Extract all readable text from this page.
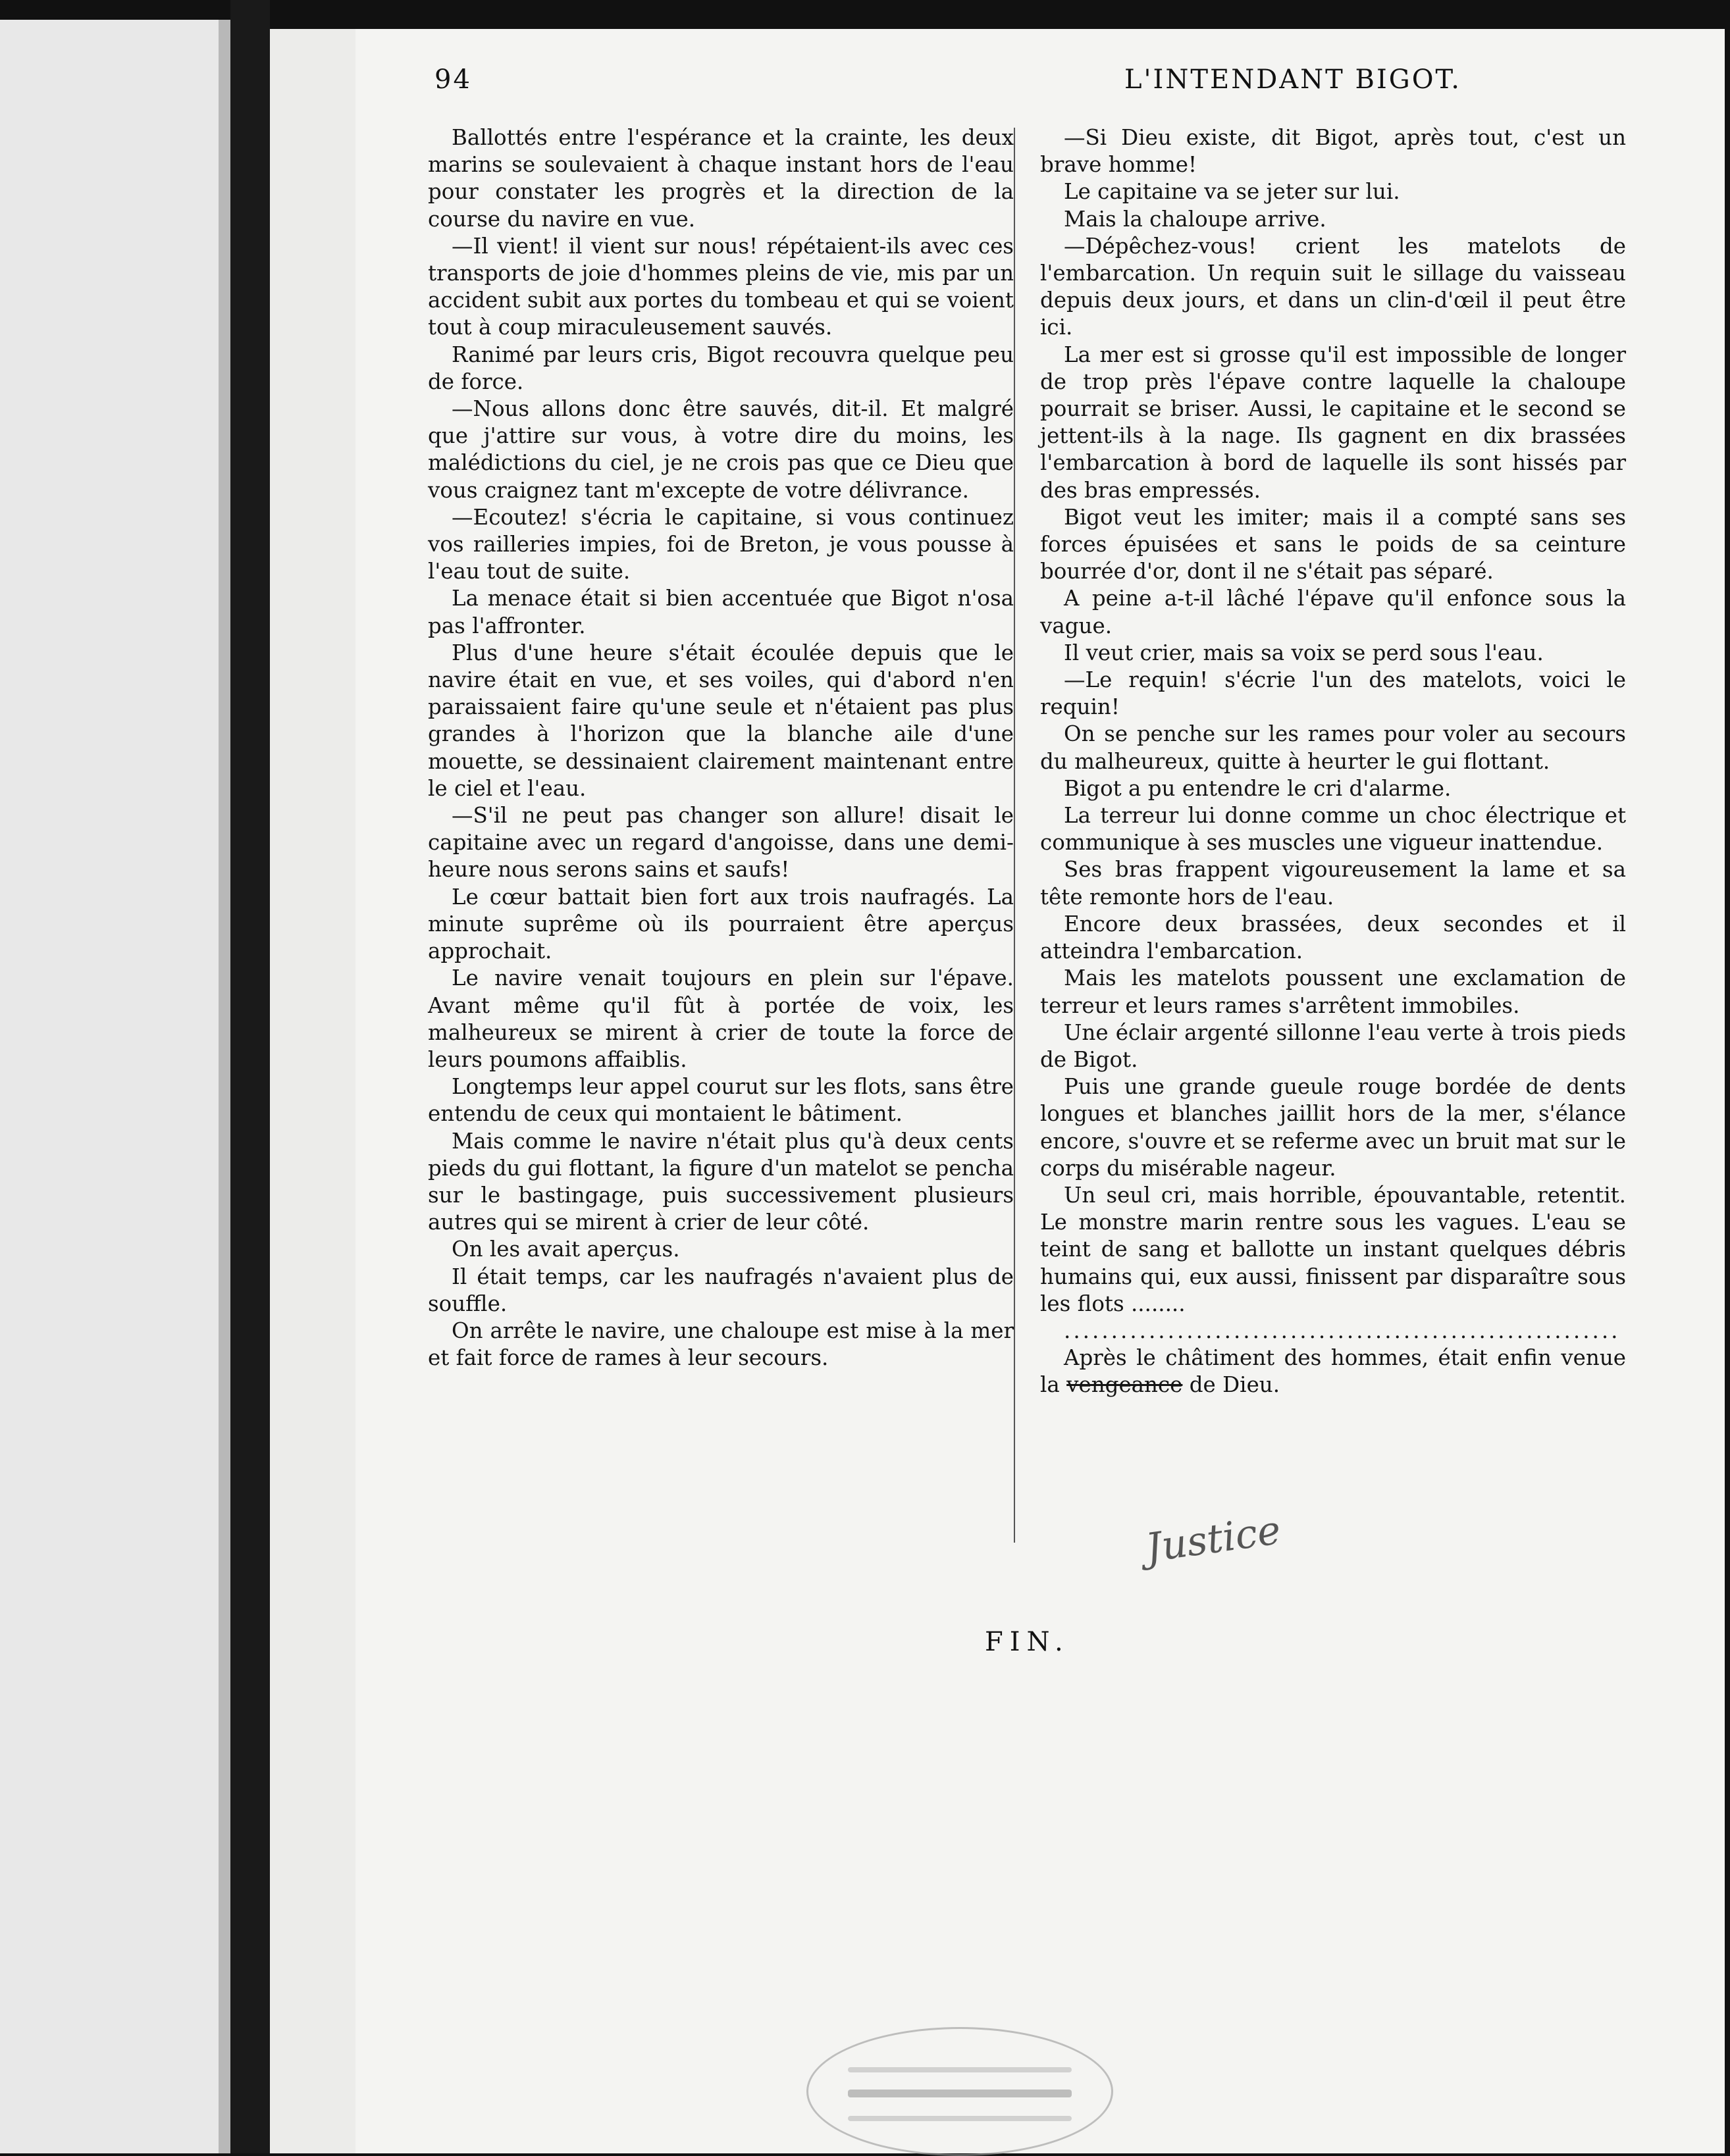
94	L'INTENDANT BIGOT.

Ballottés entre l'espérance et la crainte, les deux marins se soulevaient à chaque instant hors de l'eau pour constater les progrès et la direction de la course du navire en vue.

—Il vient! il vient sur nous! répétaient-ils avec ces transports de joie d'hommes pleins de vie, mis par un accident subit aux portes du tombeau et qui se voient tout à coup miraculeusement sauvés.

Ranimé par leurs cris, Bigot recouvra quelque peu de force.

—Nous allons donc être sauvés, dit-il. Et malgré que j'attire sur vous, à votre dire du moins, les malédictions du ciel, je ne crois pas que ce Dieu que vous craignez tant m'excepte de votre délivrance.

—Ecoutez! s'écria le capitaine, si vous continuez vos railleries impies, foi de Breton, je vous pousse à l'eau tout de suite.

La menace était si bien accentuée que Bigot n'osa pas l'affronter.

Plus d'une heure s'était écoulée depuis que le navire était en vue, et ses voiles, qui d'abord n'en paraissaient faire qu'une seule et n'étaient pas plus grandes à l'horizon que la blanche aile d'une mouette, se dessinaient clairement maintenant entre le ciel et l'eau.

—S'il ne peut pas changer son allure! disait le capitaine avec un regard d'angoisse, dans une demi-heure nous serons sains et saufs!

Le cœur battait bien fort aux trois naufragés. La minute suprême où ils pourraient être aperçus approchait.

Le navire venait toujours en plein sur l'épave. Avant même qu'il fût à portée de voix, les malheureux se mirent à crier de toute la force de leurs poumons affaiblis.

Longtemps leur appel courut sur les flots, sans être entendu de ceux qui montaient le bâtiment.

Mais comme le navire n'était plus qu'à deux cents pieds du gui flottant, la figure d'un matelot se pencha sur le bastingage, puis successivement plusieurs autres qui se mirent à crier de leur côté.

On les avait aperçus.

Il était temps, car les naufragés n'avaient plus de souffle.

On arrête le navire, une chaloupe est mise à la mer et fait force de rames à leur secours.

—Si Dieu existe, dit Bigot, après tout, c'est un brave homme!

Le capitaine va se jeter sur lui.

Mais la chaloupe arrive.

—Dépêchez-vous! crient les matelots de l'embarcation. Un requin suit le sillage du vaisseau depuis deux jours, et dans un clin-d'œil il peut être ici.

La mer est si grosse qu'il est impossible de longer de trop près l'épave contre laquelle la chaloupe pourrait se briser. Aussi, le capitaine et le second se jettent-ils à la nage. Ils gagnent en dix brassées l'embarcation à bord de laquelle ils sont hissés par des bras empressés.

Bigot veut les imiter; mais il a compté sans ses forces épuisées et sans le poids de sa ceinture bourrée d'or, dont il ne s'était pas séparé.

A peine a-t-il lâché l'épave qu'il enfonce sous la vague.

Il veut crier, mais sa voix se perd sous l'eau.

—Le requin! s'écrie l'un des matelots, voici le requin!

On se penche sur les rames pour voler au secours du malheureux, quitte à heurter le gui flottant.

Bigot a pu entendre le cri d'alarme.

La terreur lui donne comme un choc électrique et communique à ses muscles une vigueur inattendue.

Ses bras frappent vigoureusement la lame et sa tête remonte hors de l'eau.

Encore deux brassées, deux secondes et il atteindra l'embarcation.

Mais les matelots poussent une exclamation de terreur et leurs rames s'arrêtent immobiles.

Une éclair argenté sillonne l'eau verte à trois pieds de Bigot.

Puis une grande gueule rouge bordée de dents longues et blanches jaillit hors de la mer, s'élance encore, s'ouvre et se referme avec un bruit mat sur le corps du misérable nageur.

Un seul cri, mais horrible, épouvantable, retentit. Le monstre marin rentre sous les vagues. L'eau se teint de sang et ballotte un instant quelques débris humains qui, eux aussi, finissent par disparaître sous les flots ........

...........................................................

Après le châtiment des hommes, était enfin venue la vengeance de Dieu.

Justice
FIN.
